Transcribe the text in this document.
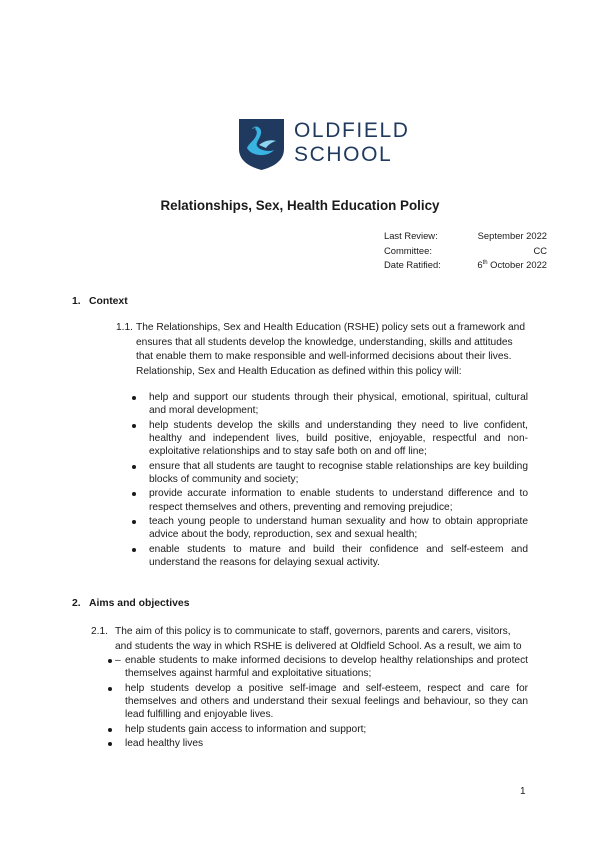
OLDFIELD
SCHOOL
Relationships, Sex, Health Education Policy
Last Review:	September 2022
Committee:	CC
Date Ratified:	6th October 2022
1. Context
1.1. The Relationships, Sex and Health Education (RSHE) policy sets out a framework and ensures that all students develop the knowledge, understanding, skills and attitudes that enable them to make responsible and well-informed decisions about their lives. Relationship, Sex and Health Education as defined within this policy will:
help and support our students through their physical, emotional, spiritual, cultural and moral development;
help students develop the skills and understanding they need to live confident, healthy and independent lives, build positive, enjoyable, respectful and non-exploitative relationships and to stay safe both on and off line;
ensure that all students are taught to recognise stable relationships are key building blocks of community and society;
provide accurate information to enable students to understand difference and to respect themselves and others, preventing and removing prejudice;
teach young people to understand human sexuality and how to obtain appropriate advice about the body, reproduction, sex and sexual health;
enable students to mature and build their confidence and self-esteem and understand the reasons for delaying sexual activity.
2. Aims and objectives
2.1. The aim of this policy is to communicate to staff, governors, parents and carers, visitors, and students the way in which RSHE is delivered at Oldfield School. As a result, we aim to – enable students to make informed decisions to develop healthy relationships and protect themselves against harmful and exploitative situations;
help students develop a positive self-image and self-esteem, respect and care for themselves and others and understand their sexual feelings and behaviour, so they can lead fulfilling and enjoyable lives.
help students gain access to information and support;
lead healthy lives
1
